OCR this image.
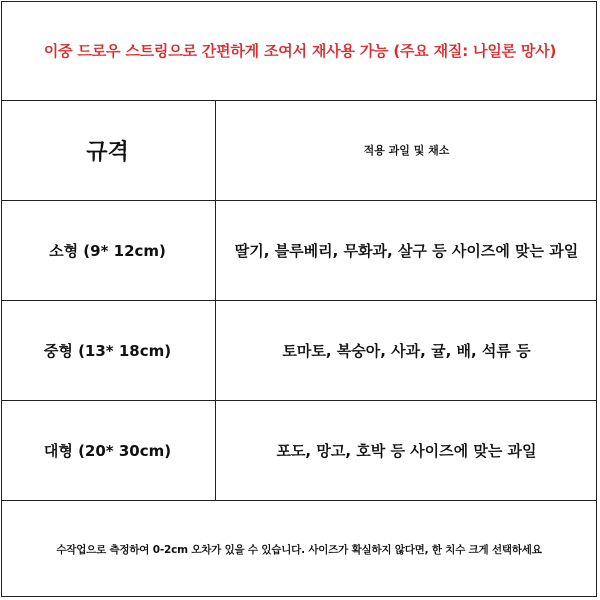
이중 드로우 스트링으로 간편하게 조여서 재사용 가능 (주요 재질: 나일론 망사)
규격	적용 과일 및 채소
소형 (9* 12cm)	딸기, 블루베리, 무화과, 살구 등 사이즈에 맞는 과일
중형 (13* 18cm)	토마토, 복숭아, 사과, 귤, 배, 석류 등
대형 (20* 30cm)	포도, 망고, 호박 등 사이즈에 맞는 과일
수작업으로 측정하여 0-2cm 오차가 있을 수 있습니다. 사이즈가 확실하지 않다면, 한 치수 크게 선택하세요
